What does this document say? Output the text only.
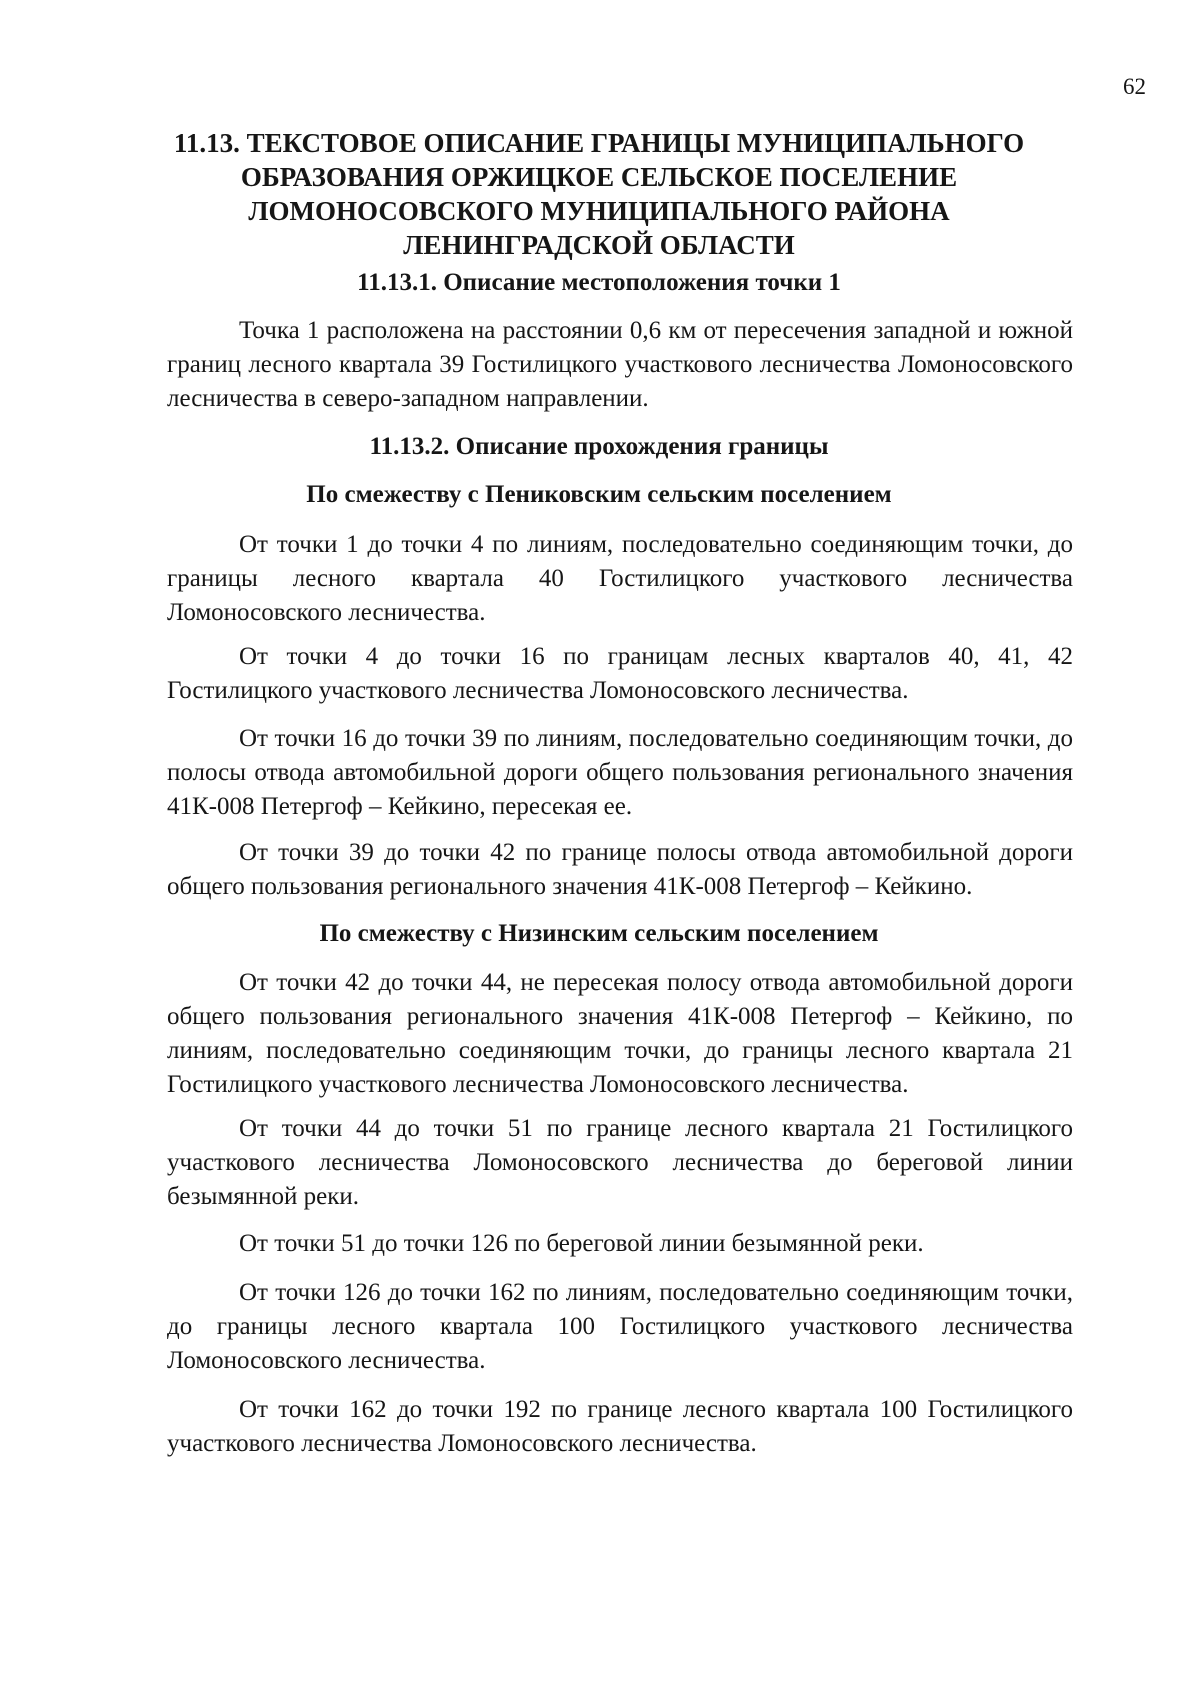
62
11.13. ТЕКСТОВОЕ ОПИСАНИЕ ГРАНИЦЫ МУНИЦИПАЛЬНОГО
ОБРАЗОВАНИЯ ОРЖИЦКОЕ СЕЛЬСКОЕ ПОСЕЛЕНИЕ
ЛОМОНОСОВСКОГО МУНИЦИПАЛЬНОГО РАЙОНА
ЛЕНИНГРАДСКОЙ ОБЛАСТИ
11.13.1. Описание местоположения точки 1

Точка 1 расположена на расстоянии 0,6 км от пересечения западной и южной границ лесного квартала 39 Гостилицкого участкового лесничества Ломоносовского лесничества в северо-западном направлении.

11.13.2. Описание прохождения границы
По смежеству с Пениковским сельским поселением

От точки 1 до точки 4 по линиям, последовательно соединяющим точки, до границы лесного квартала 40 Гостилицкого участкового лесничества Ломоносовского лесничества.

От точки 4 до точки 16 по границам лесных кварталов 40, 41, 42 Гостилицкого участкового лесничества Ломоносовского лесничества.

От точки 16 до точки 39 по линиям, последовательно соединяющим точки, до полосы отвода автомобильной дороги общего пользования регионального значения 41К-008 Петергоф – Кейкино, пересекая ее.

От точки 39 до точки 42 по границе полосы отвода автомобильной дороги общего пользования регионального значения 41К-008 Петергоф – Кейкино.

По смежеству с Низинским сельским поселением

От точки 42 до точки 44, не пересекая полосу отвода автомобильной дороги общего пользования регионального значения 41К-008 Петергоф – Кейкино, по линиям, последовательно соединяющим точки, до границы лесного квартала 21 Гостилицкого участкового лесничества Ломоносовского лесничества.

От точки 44 до точки 51 по границе лесного квартала 21 Гостилицкого участкового лесничества Ломоносовского лесничества до береговой линии безымянной реки.

От точки 51 до точки 126 по береговой линии безымянной реки.

От точки 126 до точки 162 по линиям, последовательно соединяющим точки, до границы лесного квартала 100 Гостилицкого участкового лесничества Ломоносовского лесничества.

От точки 162 до точки 192 по границе лесного квартала 100 Гостилицкого участкового лесничества Ломоносовского лесничества.
